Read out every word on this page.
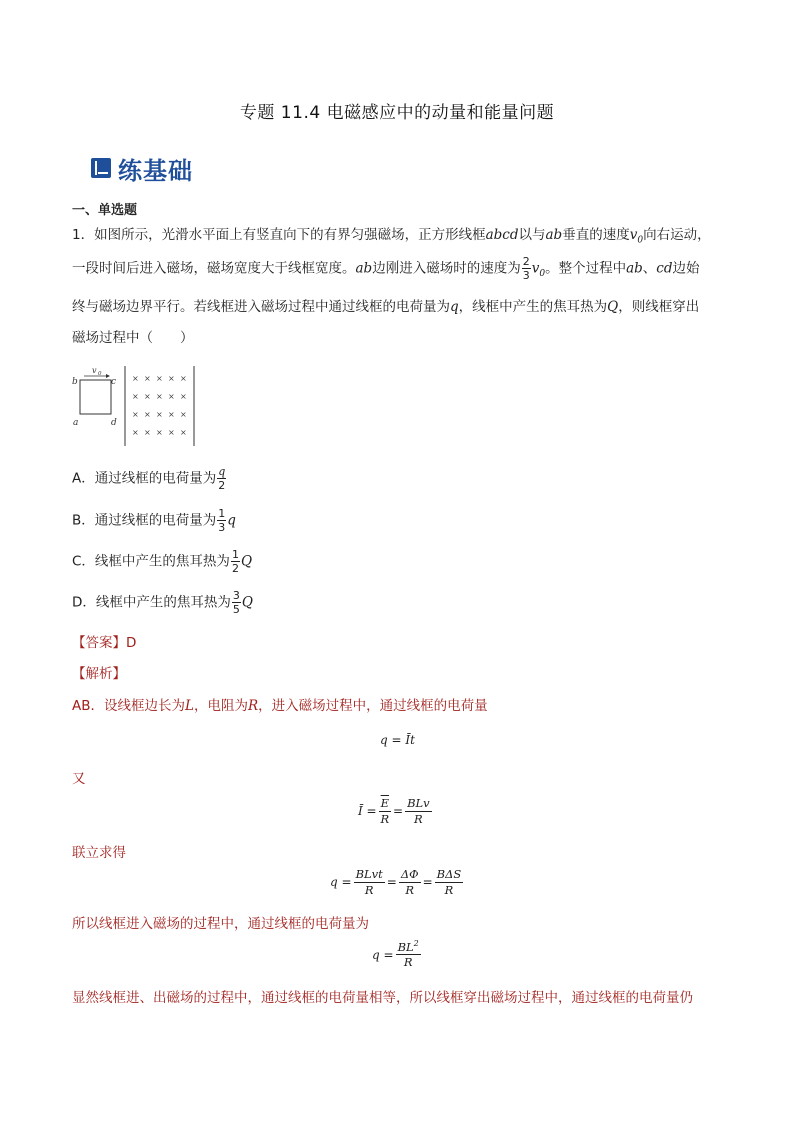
专题 11.4 电磁感应中的动量和能量问题
练基础
一、单选题
1．如图所示，光滑水平面上有竖直向下的有界匀强磁场，正方形线框abcd以与ab垂直的速度$v_0$向右运动，
一段时间后进入磁场，磁场宽度大于线框宽度。ab边刚进入磁场时的速度为 $\frac{2}{3} v_0$。整个过程中ab、cd边始
终与磁场边界平行。若线框进入磁场过程中通过线框的电荷量为q，线框中产生的焦耳热为Q，则线框穿出
磁场过程中（　　）
b	c
a	d
v 0	× × × × ×
× × × × ×
× × × × ×
× × × × ×
A．通过线框的电荷量为 $\frac{q}{2}$
B．通过线框的电荷量为 $\frac{1}{3}$ q
C．线框中产生的焦耳热为 $\frac{1}{2}$ Q
D．线框中产生的焦耳热为 $\frac{3}{5}$ Q
【答案】D
【解析】
AB．设线框边长为L，电阻为R，进入磁场过程中，通过线框的电荷量
q = Īt
又
Ī = $\frac{\overline{E}}{R} = \frac{\text{BLv}}{R}$
联立求得
$q = \frac{\text{BLvt}}{R} = \frac{\Delta\Phi}{R} = \frac{\text{BΔS}}{R}$
所以线框进入磁场的过程中，通过线框的电荷量为
$q = \frac{BL^2}{R}$
显然线框进、出磁场的过程中，通过线框的电荷量相等，所以线框穿出磁场过程中，通过线框的电荷量仍
